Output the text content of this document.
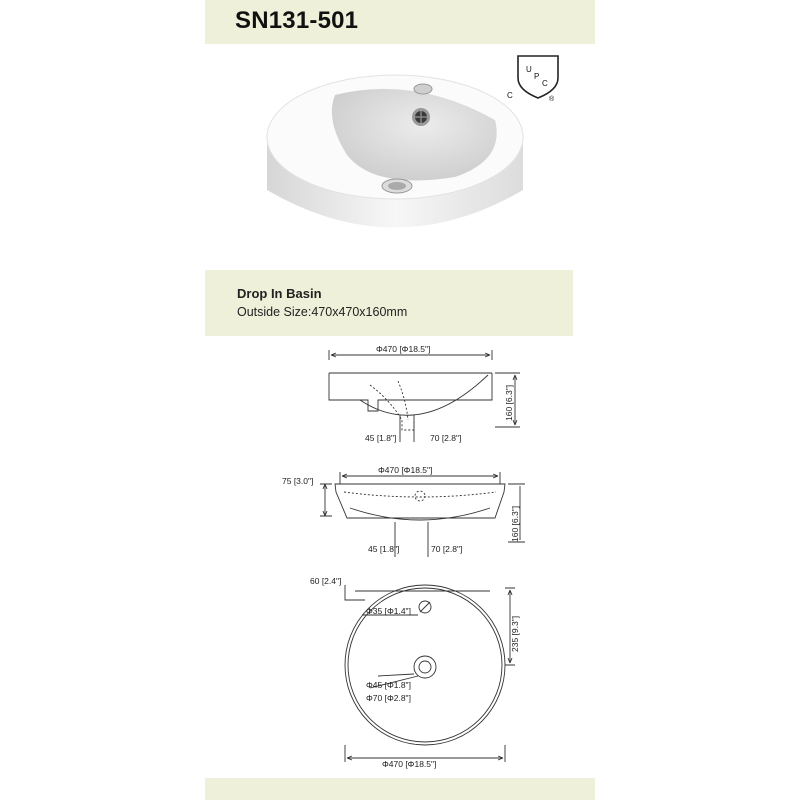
SN131-501
U
P
C
C	®
Drop In Basin
Outside Size:470x470x160mm
Φ470 [Φ18.5"]
160 [6.3"]
45 [1.8"]	70 [2.8"]
Φ470 [Φ18.5"]
75 [3.0"]
160 [6.3"]
45 [1.8"]	70 [2.8"]
60 [2.4"]
Φ35 [Φ1.4"]
235 [9.3"]
Φ45 [Φ1.8"]
Φ70 [Φ2.8"]
Φ470 [Φ18.5"]
